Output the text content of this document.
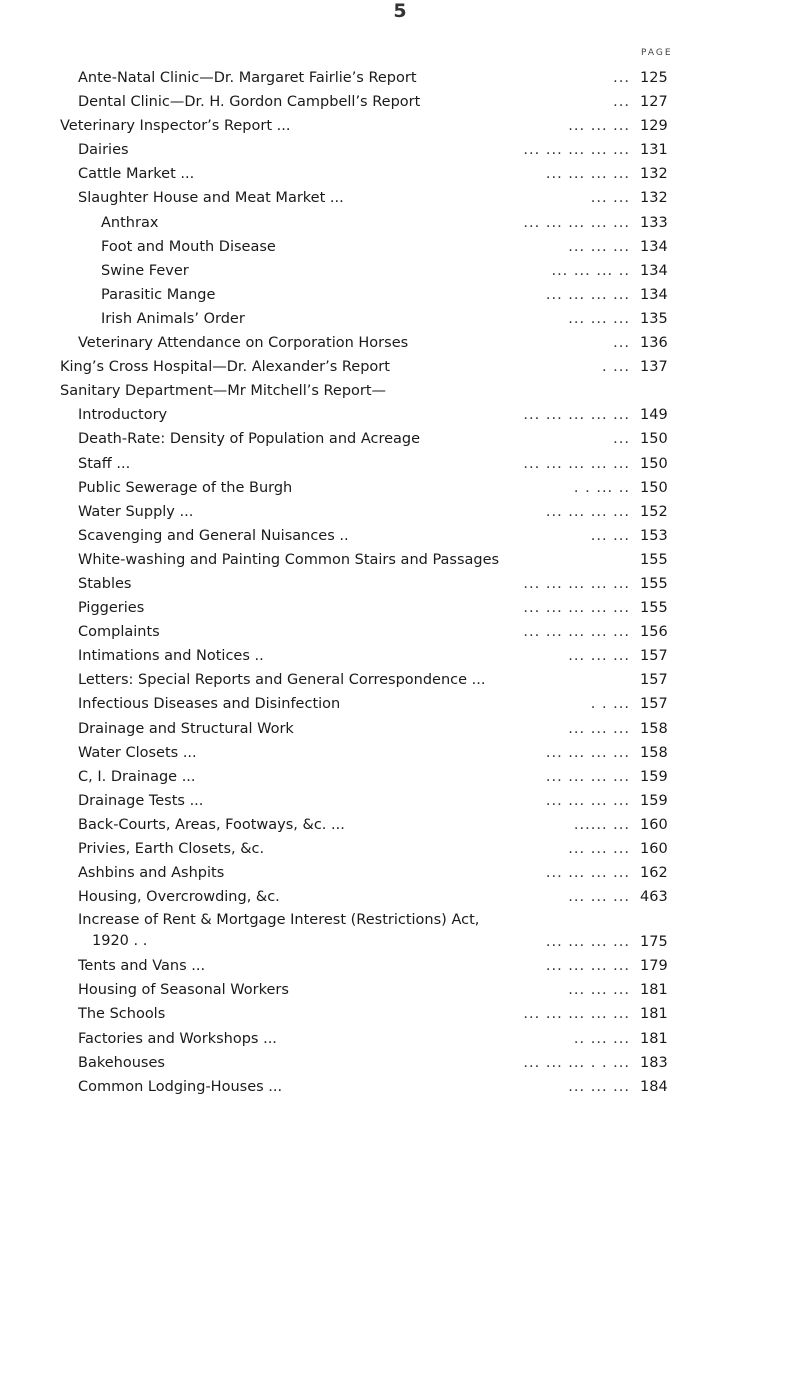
5
PAGE
Ante-Natal Clinic—Dr. Margaret Fairlie’s Report	... 125
Dental Clinic—Dr. H. Gordon Campbell’s Report	... 127
Veterinary Inspector’s Report ...	... ... ... 129
Dairies	... ... ... ... ... 131
Cattle Market ...	... ... ... ... 132
Slaughter House and Meat Market ...	... ... 132
Anthrax	... ... ... ... ... 133
Foot and Mouth Disease	... ... ... 134
Swine Fever	... ... ... .. 134
Parasitic Mange	... ... ... ... 134
Irish Animals’ Order	... ... ... 135
Veterinary Attendance on Corporation Horses	... 136
King’s Cross Hospital—Dr. Alexander’s Report	. ... 137
Sanitary Department—Mr Mitchell’s Report—
Introductory	... ... ... ... ... 149
Death-Rate: Density of Population and Acreage	... 150
Staff ...	... ... ... ... ... 150
Public Sewerage of the Burgh	. . ... .. 150
Water Supply ...	... ... ... ... 152
Scavenging and General Nuisances ..	... ... 153
White-washing and Painting Common Stairs and Passages	155
Stables	... ... ... ... ... 155
Piggeries	... ... ... ... ... 155
Complaints	... ... ... ... ... 156
Intimations and Notices ..	... ... ... 157
Letters: Special Reports and General Correspondence ...	157
Infectious Diseases and Disinfection	. . ... 157
Drainage and Structural Work	... ... ... 158
Water Closets ...	... ... ... ... 158
C, I. Drainage ...	... ... ... ... 159
Drainage Tests ...	... ... ... ... 159
Back-Courts, Areas, Footways, &c. ...	...... ... 160
Privies, Earth Closets, &c.	... ... ... 160
Ashbins and Ashpits	... ... ... ... 162
Housing, Overcrowding, &c.	... ... ... 463
Increase of Rent & Mortgage Interest (Restrictions) Act,
1920 . .	... ... ... ... 175
Tents and Vans ...	... ... ... ... 179
Housing of Seasonal Workers	... ... ... 181
The Schools	... ... ... ... ... 181
Factories and Workshops ...	.. ... ... 181
Bakehouses	... ... ... . . ... 183
Common Lodging-Houses ...	... ... ... 184
